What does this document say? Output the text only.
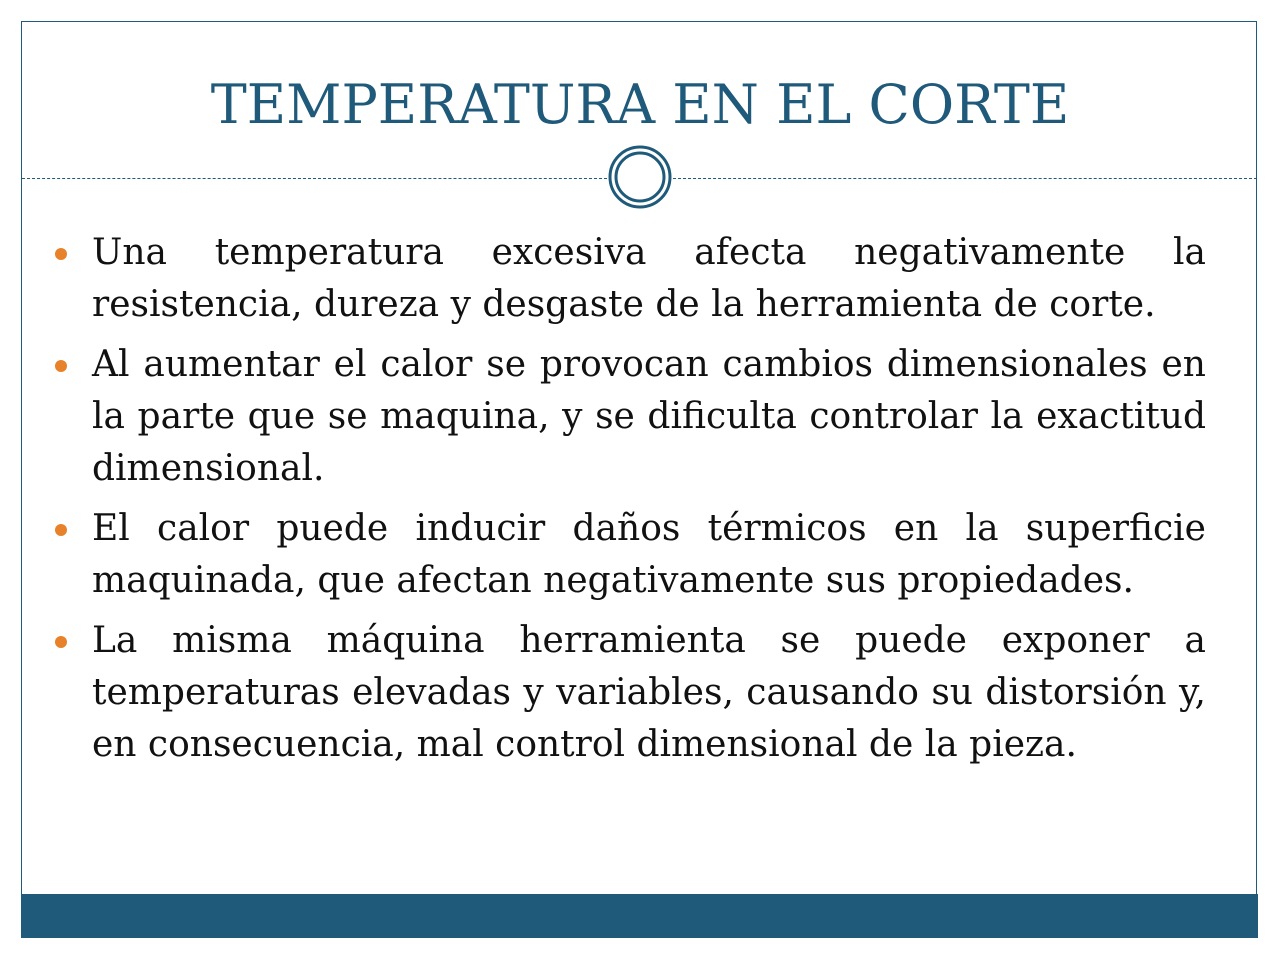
TEMPERATURA EN EL CORTE
Una temperatura excesiva afecta negativamente la resistencia, dureza y desgaste de la herramienta de corte.
Al aumentar el calor se provocan cambios dimensionales en la parte que se maquina, y se dificulta controlar la exactitud dimensional.
El calor puede inducir daños térmicos en la superficie maquinada, que afectan negativamente sus propiedades.
La misma máquina herramienta se puede exponer a temperaturas elevadas y variables, causando su distorsión y, en consecuencia, mal control dimensional de la pieza.
